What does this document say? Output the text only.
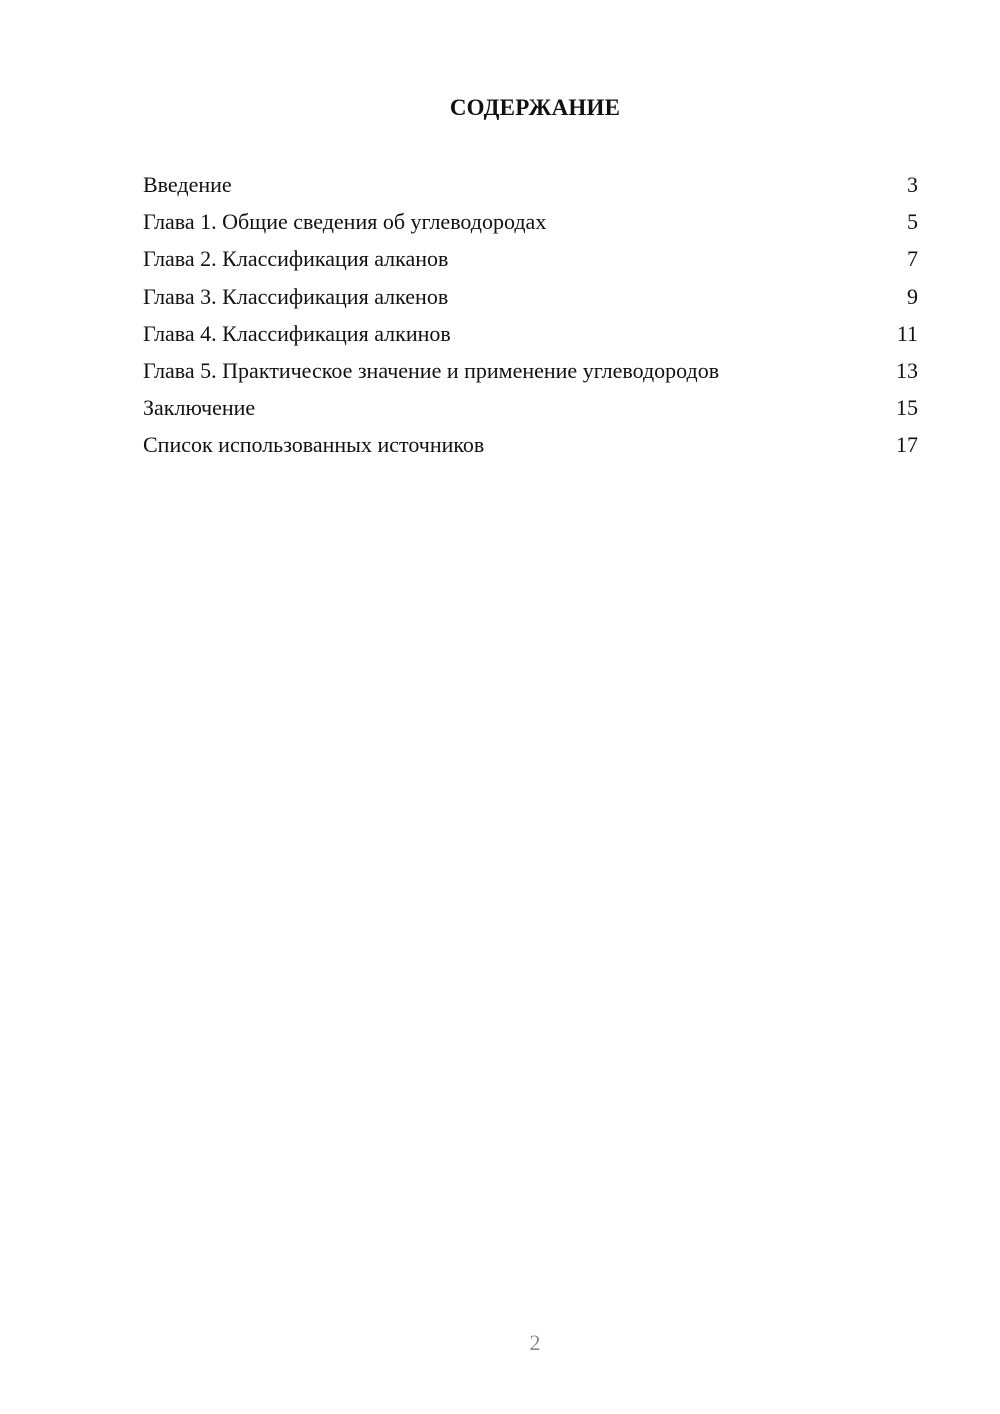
СОДЕРЖАНИЕ
Введение	3
Глава 1. Общие сведения об углеводородах	5
Глава 2. Классификация алканов	7
Глава 3. Классификация алкенов	9
Глава 4. Классификация алкинов	11
Глава 5. Практическое значение и применение углеводородов	13
Заключение	15
Список использованных источников	17
2
